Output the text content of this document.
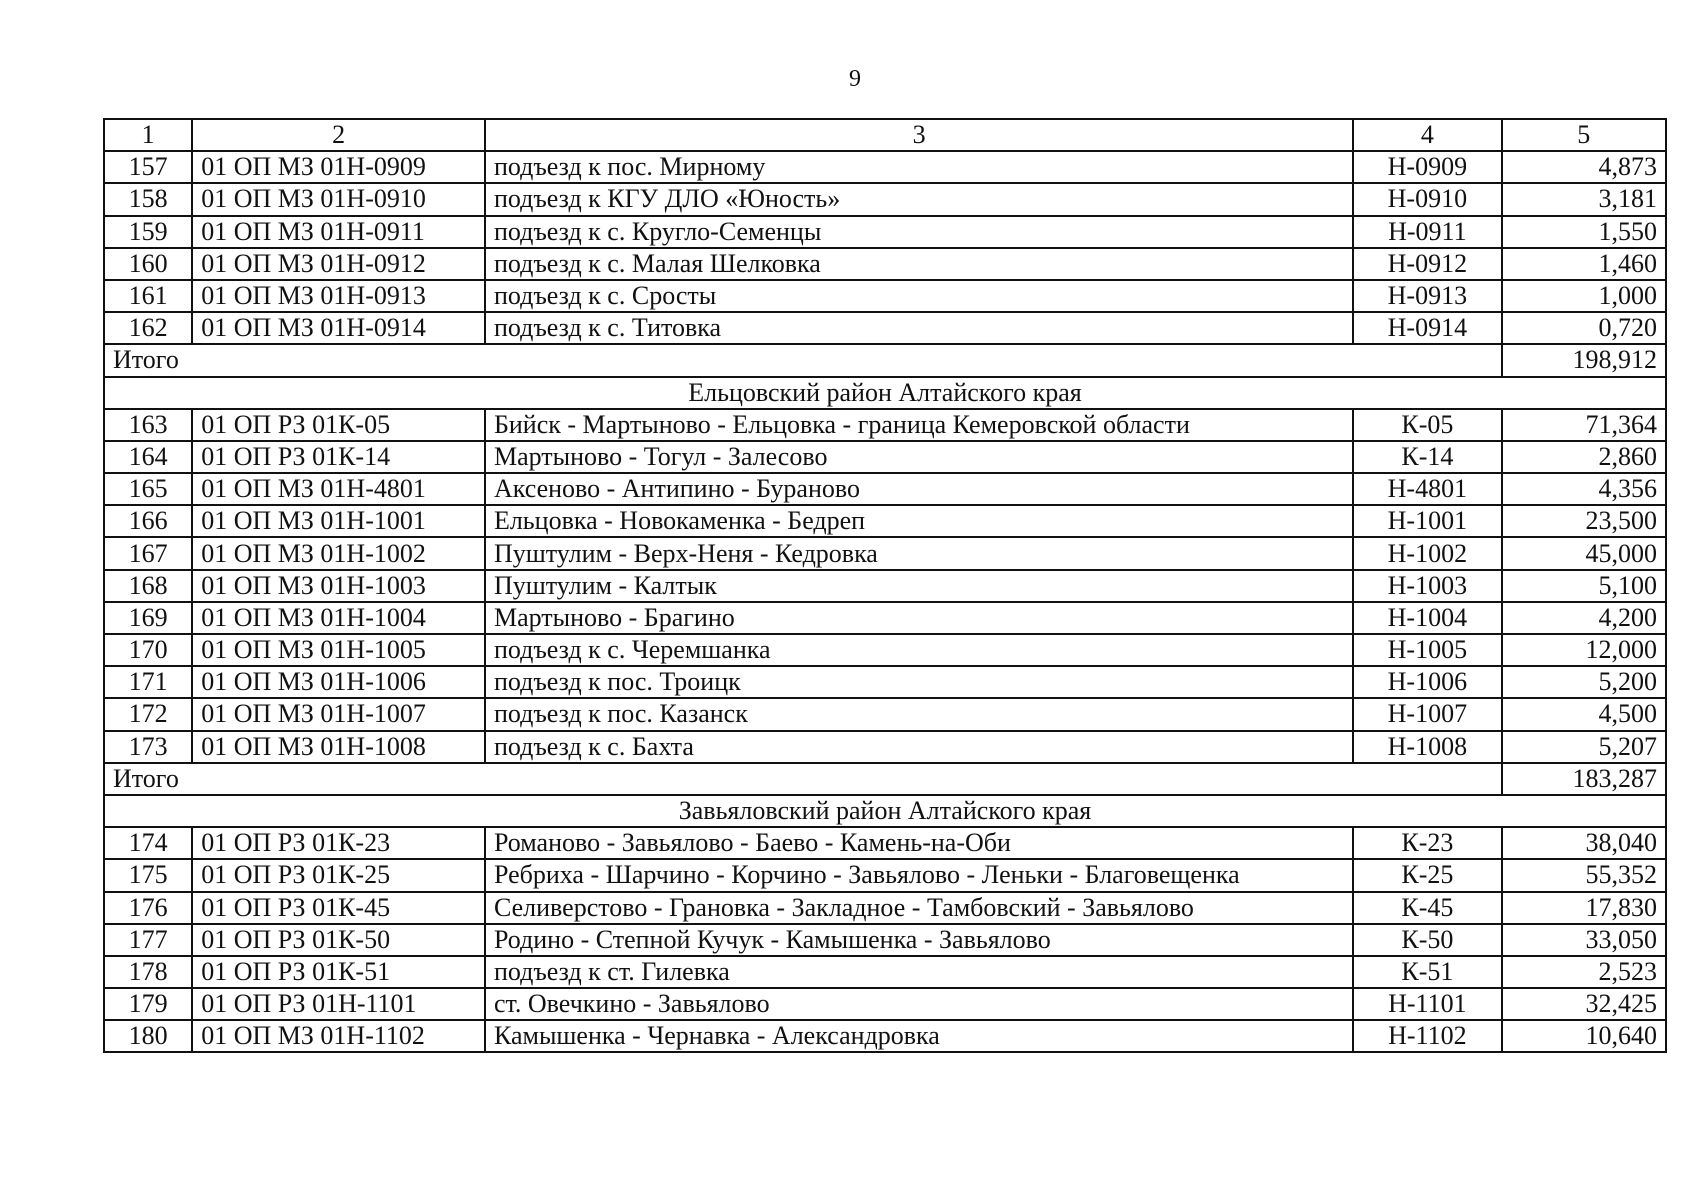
9
1	2	3	4	5
157	01 ОП МЗ 01Н-0909	подъезд к пос. Мирному	Н-0909	4,873
158	01 ОП МЗ 01Н-0910	подъезд к КГУ ДЛО «Юность»	Н-0910	3,181
159	01 ОП МЗ 01Н-0911	подъезд к с. Кругло-Семенцы	Н-0911	1,550
160	01 ОП МЗ 01Н-0912	подъезд к с. Малая Шелковка	Н-0912	1,460
161	01 ОП МЗ 01Н-0913	подъезд к с. Сросты	Н-0913	1,000
162	01 ОП МЗ 01Н-0914	подъезд к с. Титовка	Н-0914	0,720
Итого				198,912
Ельцовский район Алтайского края				
163	01 ОП РЗ 01К-05	Бийск - Мартыново - Ельцовка - граница Кемеровской области	К-05	71,364
164	01 ОП РЗ 01К-14	Мартыново - Тогул - Залесово	К-14	2,860
165	01 ОП МЗ 01Н-4801	Аксеново - Антипино - Бураново	Н-4801	4,356
166	01 ОП МЗ 01Н-1001	Ельцовка - Новокаменка - Бедреп	Н-1001	23,500
167	01 ОП МЗ 01Н-1002	Пуштулим - Верх-Неня - Кедровка	Н-1002	45,000
168	01 ОП МЗ 01Н-1003	Пуштулим - Калтык	Н-1003	5,100
169	01 ОП МЗ 01Н-1004	Мартыново - Брагино	Н-1004	4,200
170	01 ОП МЗ 01Н-1005	подъезд к с. Черемшанка	Н-1005	12,000
171	01 ОП МЗ 01Н-1006	подъезд к пос. Троицк	Н-1006	5,200
172	01 ОП МЗ 01Н-1007	подъезд к пос. Казанск	Н-1007	4,500
173	01 ОП МЗ 01Н-1008	подъезд к с. Бахта	Н-1008	5,207
Итого				183,287
Завьяловский район Алтайского края				
174	01 ОП РЗ 01К-23	Романово - Завьялово - Баево - Камень-на-Оби	К-23	38,040
175	01 ОП РЗ 01К-25	Ребриха - Шарчино - Корчино - Завьялово - Леньки - Благовещенка	К-25	55,352
176	01 ОП РЗ 01К-45	Селиверстово - Грановка - Закладное - Тамбовский - Завьялово	К-45	17,830
177	01 ОП РЗ 01К-50	Родино - Степной Кучук - Камышенка - Завьялово	К-50	33,050
178	01 ОП РЗ 01К-51	подъезд к ст. Гилевка	К-51	2,523
179	01 ОП РЗ 01Н-1101	ст. Овечкино - Завьялово	Н-1101	32,425
180	01 ОП МЗ 01Н-1102	Камышенка - Чернавка - Александровка	Н-1102	10,640
